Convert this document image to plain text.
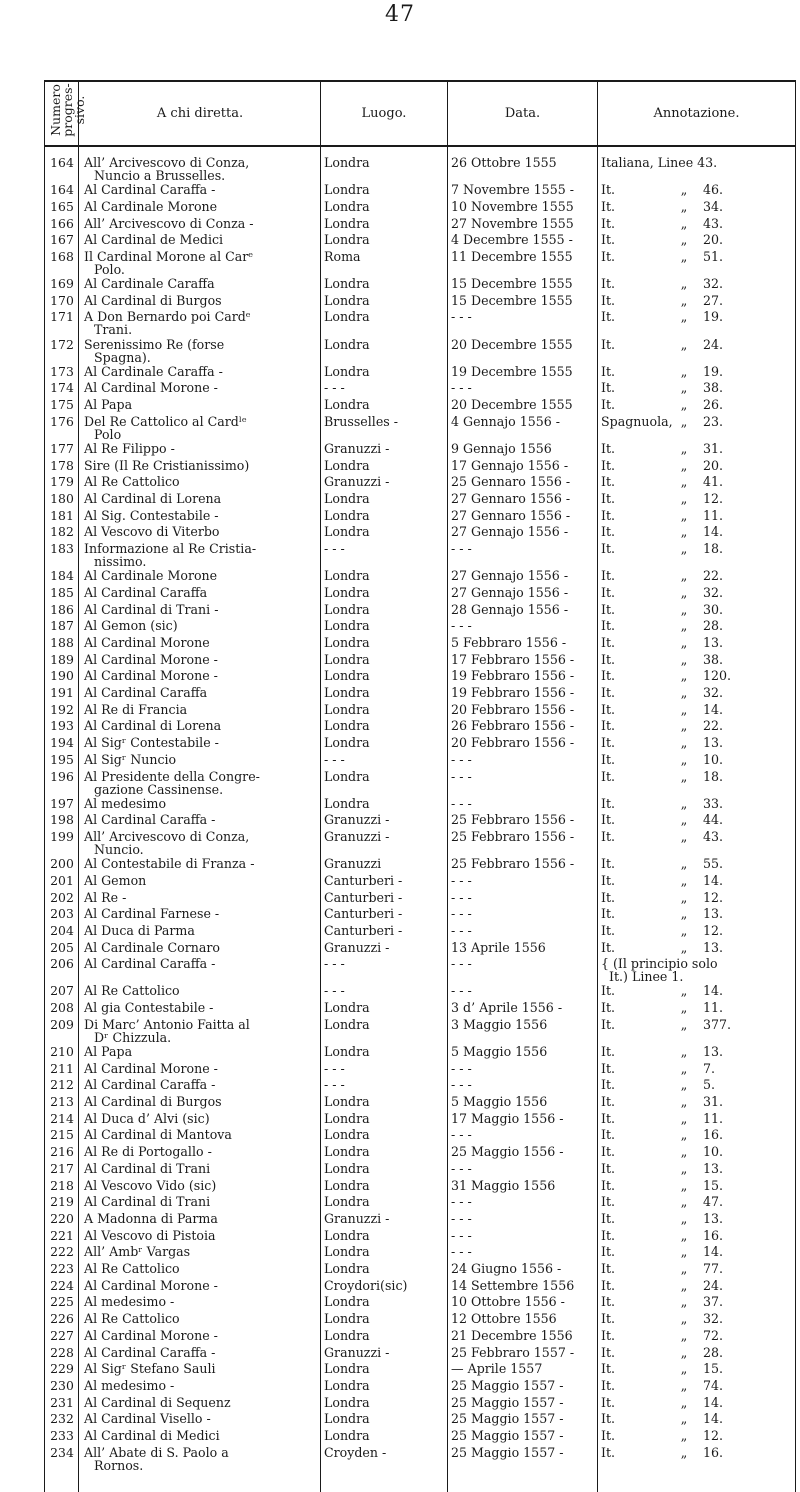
47
Numero progres- sivo.	A chi diretta.	Luogo.	Data.	Annotazione.
164 All’ Arcivescovo di Conza,
Nuncio a Brusselles.
Londra	26 Ottobre 1555	Italiana, Linee 43.
164 Al Cardinal Caraffa -	Londra	7 Novembre 1555 -	It.	„ 46.
165 Al Cardinale Morone	Londra	10 Novembre 1555	It.	„ 34.
166 All’ Arcivescovo di Conza -	Londra	27 Novembre 1555	It.	„ 43.
167 Al Cardinal de Medici	Londra	4 Decembre 1555 -	It.	„ 20.
168 Il Cardinal Morone al Carᵉ
Polo.
Roma	11 Decembre 1555	It.	„ 51.
169 Al Cardinale Caraffa	Londra	15 Decembre 1555	It.	„ 32.
170 Al Cardinal di Burgos	Londra	15 Decembre 1555	It.	„ 27.
171 A Don Bernardo poi Cardᵉ
Trani.
Londra	- - -	It.	„ 19.
172 Serenissimo Re (forse
Spagna).
Londra	20 Decembre 1555	It.	„ 24.
173 Al Cardinale Caraffa -	Londra	19 Decembre 1555	It.	„ 19.
174 Al Cardinal Morone -	- - -	- - -	It.	„ 38.
175 Al Papa	Londra	20 Decembre 1555	It.	„ 26.
176 Del Re Cattolico al Cardˡᵉ
Polo
Brusselles -	4 Gennajo 1556 -	Spagnuola, „ 23.
177 Al Re Filippo -	Granuzzi -	9 Gennajo 1556	It.	„ 31.
178 Sire (Il Re Cristianissimo)	Londra	17 Gennajo 1556 -	It.	„ 20.
179 Al Re Cattolico	Granuzzi -	25 Gennaro 1556 -	It.	„ 41.
180 Al Cardinal di Lorena	Londra	27 Gennaro 1556 -	It.	„ 12.
181 Al Sig. Contestabile -	Londra	27 Gennaro 1556 -	It.	„ 11.
182 Al Vescovo di Viterbo	Londra	27 Gennajo 1556 -	It.	„ 14.
183 Informazione al Re Cristia-
nissimo.
- - -	- - -	It.	„ 18.
184 Al Cardinale Morone	Londra	27 Gennajo 1556 -	It.	„ 22.
185 Al Cardinal Caraffa	Londra	27 Gennajo 1556 -	It.	„ 32.
186 Al Cardinal di Trani -	Londra	28 Gennajo 1556 -	It.	„ 30.
187 Al Gemon (sic)	Londra	- - -	It.	„ 28.
188 Al Cardinal Morone	Londra	5 Febbraro 1556 -	It.	„ 13.
189 Al Cardinal Morone -	Londra	17 Febbraro 1556 -	It.	„ 38.
190 Al Cardinal Morone -	Londra	19 Febbraro 1556 -	It.	„ 120.
191 Al Cardinal Caraffa	Londra	19 Febbraro 1556 -	It.	„ 32.
192 Al Re di Francia	Londra	20 Febbraro 1556 -	It.	„ 14.
193 Al Cardinal di Lorena	Londra	26 Febbraro 1556 -	It.	„ 22.
194 Al Sigʳ Contestabile -	Londra	20 Febbraro 1556 -	It.	„ 13.
195 Al Sigʳ Nuncio	- - -	- - -	It.	„ 10.
196 Al Presidente della Congre-
gazione Cassinense.
Londra	- - -	It.	„ 18.
197 Al medesimo	Londra	- - -	It.	„ 33.
198 Al Cardinal Caraffa -	Granuzzi -	25 Febbraro 1556 -	It.	„ 44.
199 All’ Arcivescovo di Conza,
Nuncio.
Granuzzi -	25 Febbraro 1556 -	It.	„ 43.
200 Al Contestabile di Franza -	Granuzzi	25 Febbraro 1556 -	It.	„ 55.
201 Al Gemon	Canturberi -	- - -	It.	„ 14.
202 Al Re -	Canturberi -	- - -	It.	„ 12.
203 Al Cardinal Farnese -	Canturberi -	- - -	It.	„ 13.
204 Al Duca di Parma	Canturberi -	- - -	It.	„ 12.
205 Al Cardinale Cornaro	Granuzzi -	13 Aprile 1556	It.	„ 13.
206 Al Cardinal Caraffa -	- - -	- - -	{ (Il principio solo
It.) Linee 1.
207 Al Re Cattolico	- - -	- - -	It.	„ 14.
208 Al gia Contestabile -	Londra	3 d’ Aprile 1556 -	It.	„ 11.
209 Di Marc’ Antonio Faitta al
Dʳ Chizzula.
Londra	3 Maggio 1556	It.	„ 377.
210 Al Papa	Londra	5 Maggio 1556	It.	„ 13.
211 Al Cardinal Morone -	- - -	- - -	It.	„ 7.
212 Al Cardinal Caraffa -	- - -	- - -	It.	„ 5.
213 Al Cardinal di Burgos	Londra	5 Maggio 1556	It.	„ 31.
214 Al Duca d’ Alvi (sic)	Londra	17 Maggio 1556 -	It.	„ 11.
215 Al Cardinal di Mantova	Londra	- - -	It.	„ 16.
216 Al Re di Portogallo -	Londra	25 Maggio 1556 -	It.	„ 10.
217 Al Cardinal di Trani	Londra	- - -	It.	„ 13.
218 Al Vescovo Vido (sic)	Londra	31 Maggio 1556	It.	„ 15.
219 Al Cardinal di Trani	Londra	- - -	It.	„ 47.
220 A Madonna di Parma	Granuzzi -	- - -	It.	„ 13.
221 Al Vescovo di Pistoia	Londra	- - -	It.	„ 16.
222 All’ Ambʳ Vargas	Londra	- - -	It.	„ 14.
223 Al Re Cattolico	Londra	24 Giugno 1556 -	It.	„ 77.
224 Al Cardinal Morone -	Croydori(sic)	14 Settembre 1556	It.	„ 24.
225 Al medesimo -	Londra	10 Ottobre 1556 -	It.	„ 37.
226 Al Re Cattolico	Londra	12 Ottobre 1556	It.	„ 32.
227 Al Cardinal Morone -	Londra	21 Decembre 1556	It.	„ 72.
228 Al Cardinal Caraffa -	Granuzzi -	25 Febbraro 1557 -	It.	„ 28.
229 Al Sigʳ Stefano Sauli	Londra	— Aprile 1557	It.	„ 15.
230 Al medesimo -	Londra	25 Maggio 1557 -	It.	„ 74.
231 Al Cardinal di Sequenz	Londra	25 Maggio 1557 -	It.	„ 14.
232 Al Cardinal Visello -	Londra	25 Maggio 1557 -	It.	„ 14.
233 Al Cardinal di Medici	Londra	25 Maggio 1557 -	It.	„ 12.
234 All’ Abate di S. Paolo a
Rornos.
Croyden -	25 Maggio 1557 -	It.	„ 16.
